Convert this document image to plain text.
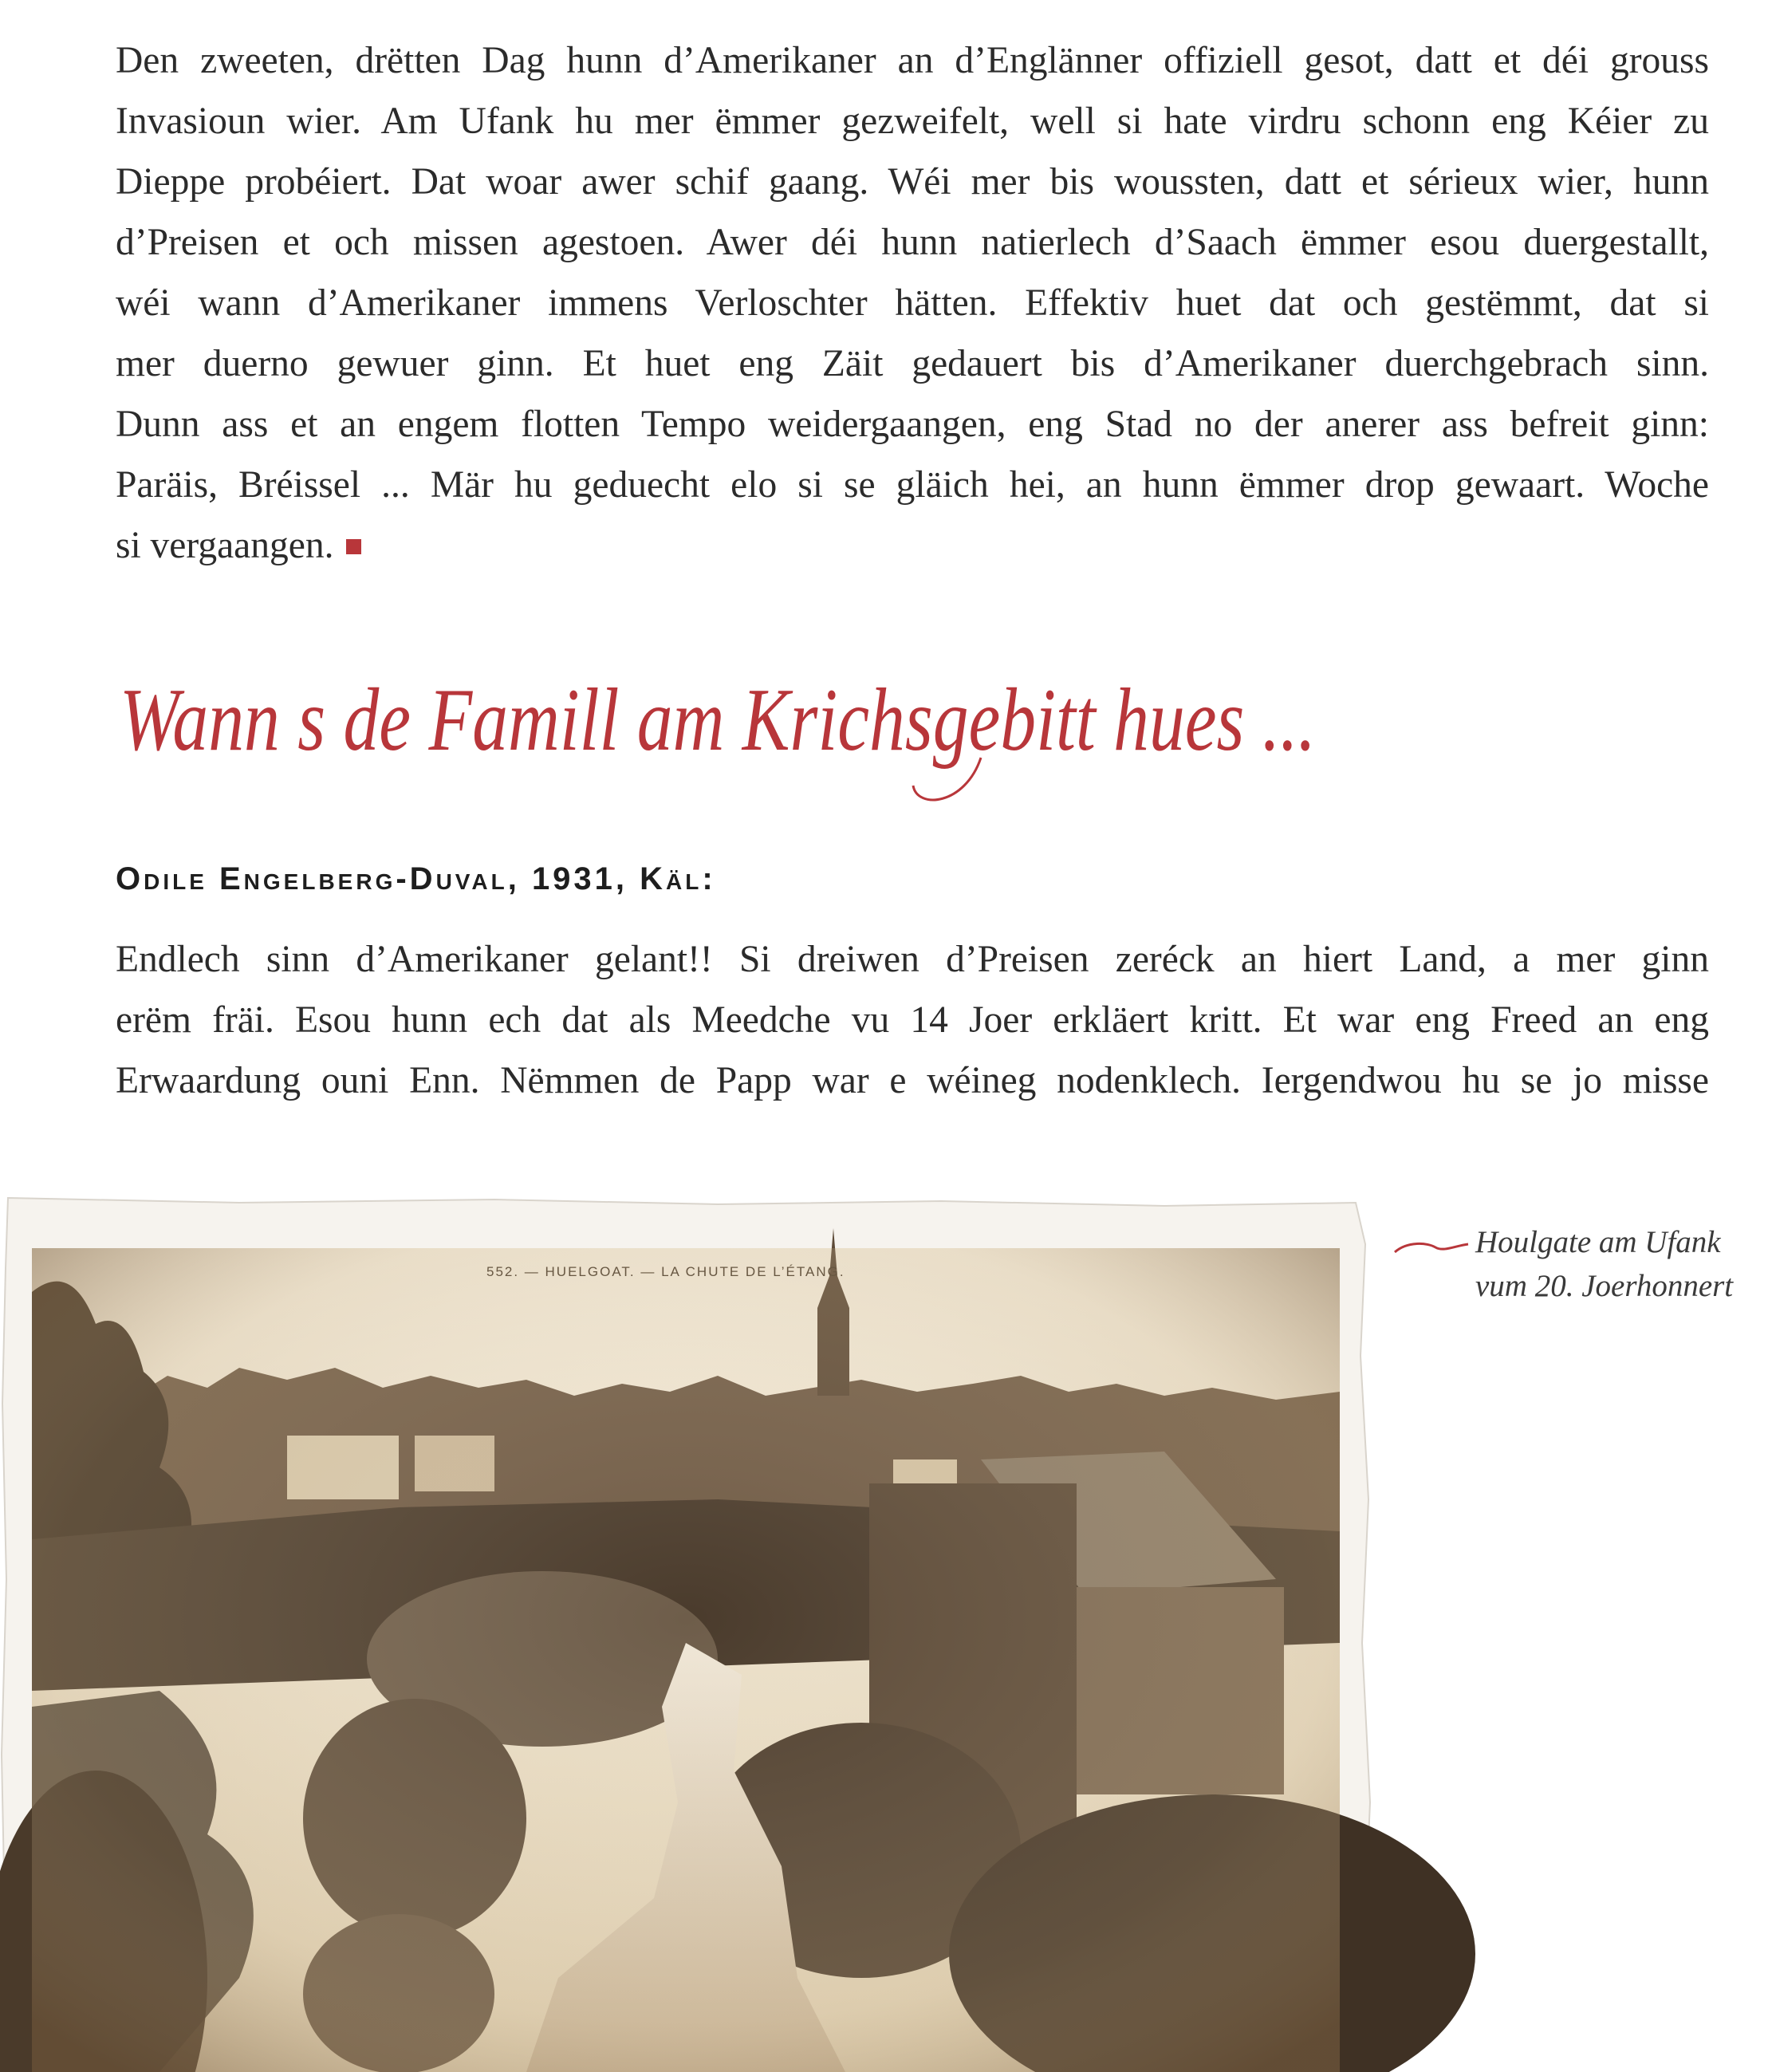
Den zweeten, drëtten Dag hunn d’Amerikaner an d’Englänner offiziell gesot, datt et déi grouss
Invasioun wier. Am Ufank hu mer ëmmer gezweifelt, well si hate virdru schonn eng Kéier zu
Dieppe probéiert. Dat woar awer schif gaang. Wéi mer bis woussten, datt et sérieux wier, hunn
d’Preisen et och missen agestoen. Awer déi hunn natierlech d’Saach ëmmer esou duergestallt,
wéi wann d’Amerikaner immens Verloschter hätten. Effektiv huet dat och gestëmmt, dat si
mer duerno gewuer ginn. Et huet eng Zäit gedauert bis d’Amerikaner duerchgebrach sinn.
Dunn ass et an engem flotten Tempo weidergaangen, eng Stad no der anerer ass befreit ginn:
Paräis, Bréissel ... Mär hu geduecht elo si se gläich hei, an hunn ëmmer drop gewaart. Woche
si vergaangen.
Wann s de Famill am Krichsgebitt hues ...

Odile Engelberg-Duval, 1931, Käl:

Endlech sinn d’Amerikaner gelant!! Si dreiwen d’Preisen zeréck an hiert Land, a mer ginn
erëm fräi. Esou hunn ech dat als Meedche vu 14 Joer erkläert kritt. Et war eng Freed an eng
Erwaardung ouni Enn. Nëmmen de Papp war e wéineg nodenklech. Iergendwou hu se jo misse
Houlgate am Ufank
vum 20. Joerhonnert
